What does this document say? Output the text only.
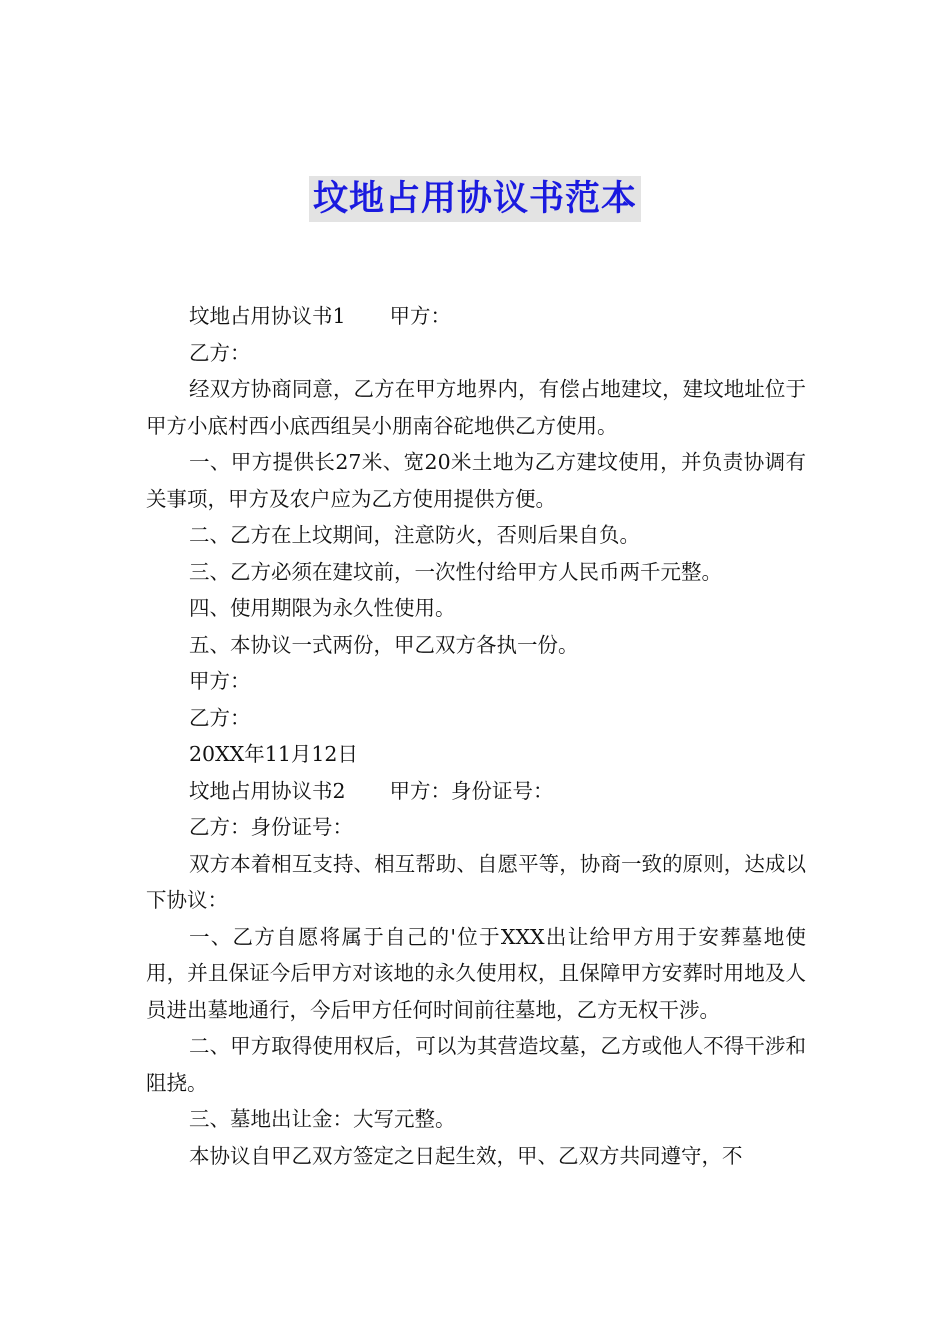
坟地占用协议书范本

坟地占用协议书1 甲方：

乙方：

经双方协商同意，乙方在甲方地界内，有偿占地建坟，建坟地址位于甲方小底村西小底西组吴小朋南谷砣地供乙方使用。

一、甲方提供长27米、宽20米土地为乙方建坟使用，并负责协调有关事项，甲方及农户应为乙方使用提供方便。

二、乙方在上坟期间，注意防火，否则后果自负。

三、乙方必须在建坟前，一次性付给甲方人民币两千元整。

四、使用期限为永久性使用。

五、本协议一式两份，甲乙双方各执一份。

甲方：

乙方：

20XX年11月12日

坟地占用协议书2 甲方：身份证号：

乙方：身份证号：

双方本着相互支持、相互帮助、自愿平等，协商一致的原则，达成以下协议：

一、乙方自愿将属于自己的'位于XXX出让给甲方用于安葬墓地使用，并且保证今后甲方对该地的永久使用权，且保障甲方安葬时用地及人员进出墓地通行，今后甲方任何时间前往墓地，乙方无权干涉。

二、甲方取得使用权后，可以为其营造坟墓，乙方或他人不得干涉和阻挠。

三、墓地出让金：大写元整。

本协议自甲乙双方签定之日起生效，甲、乙双方共同遵守，不
